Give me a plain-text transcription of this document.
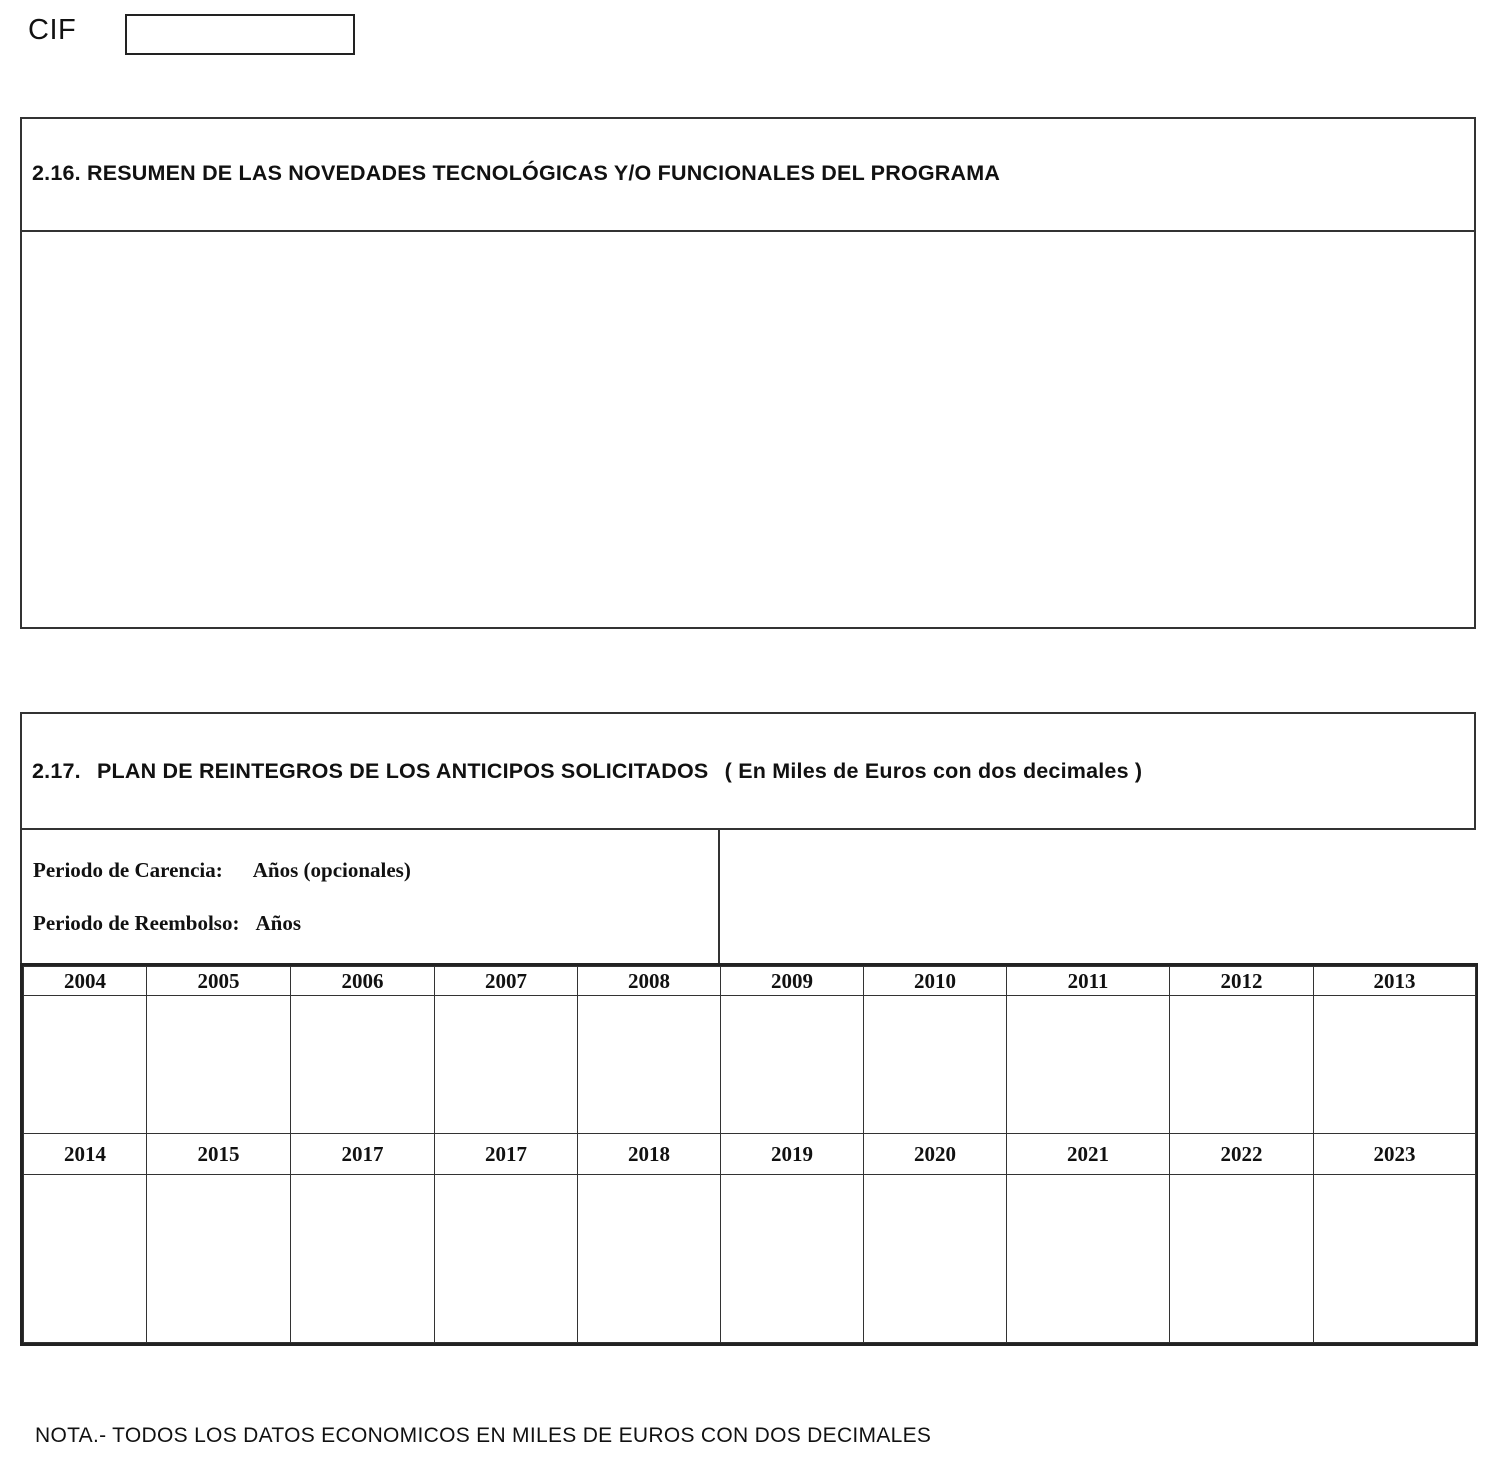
CIF
2.16. RESUMEN DE LAS NOVEDADES TECNOLÓGICAS Y/O FUNCIONALES DEL PROGRAMA
2.17. PLAN DE REINTEGROS DE LOS ANTICIPOS SOLICITADOS ( En Miles de Euros con dos decimales )
Periodo de Carencia: Años (opcionales)
Periodo de Reembolso: Años
2004	2005	2006	2007	2008	2009	2010	2011	2012	2013

2014	2015	2017	2017	2018	2019	2020	2021	2022	2023

NOTA.- TODOS LOS DATOS ECONOMICOS EN MILES DE EUROS CON DOS DECIMALES
